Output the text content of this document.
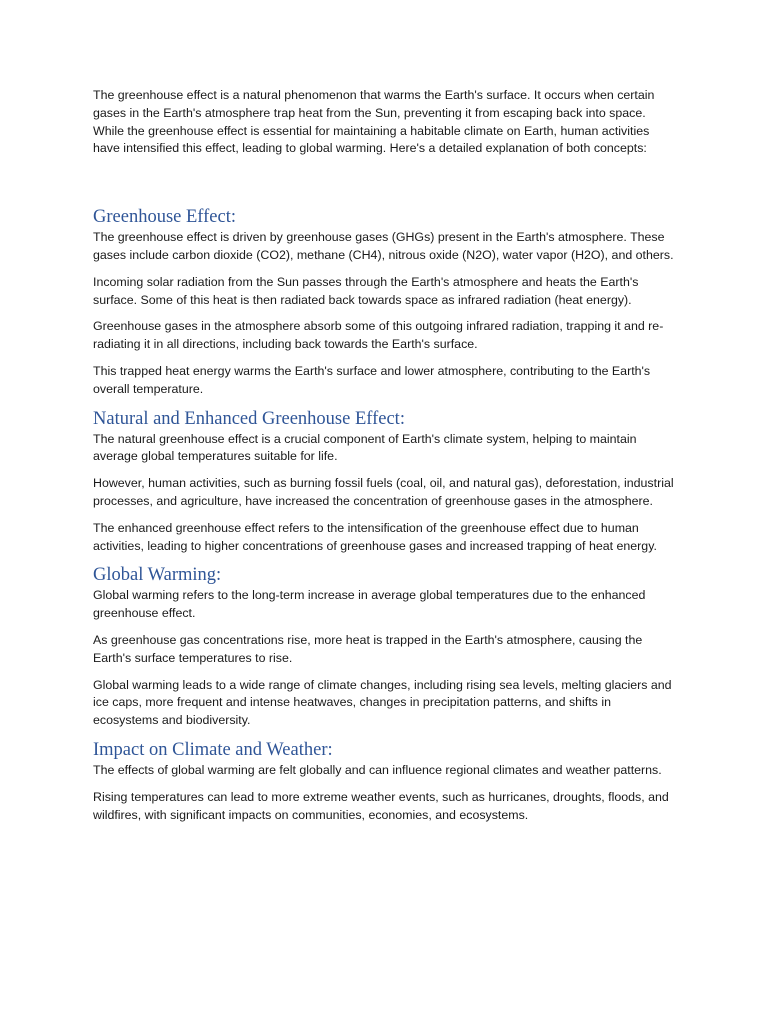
The greenhouse effect is a natural phenomenon that warms the Earth's surface. It occurs when certain gases in the Earth's atmosphere trap heat from the Sun, preventing it from escaping back into space. While the greenhouse effect is essential for maintaining a habitable climate on Earth, human activities have intensified this effect, leading to global warming. Here's a detailed explanation of both concepts:

Greenhouse Effect:

The greenhouse effect is driven by greenhouse gases (GHGs) present in the Earth's atmosphere. These gases include carbon dioxide (CO2), methane (CH4), nitrous oxide (N2O), water vapor (H2O), and others.

Incoming solar radiation from the Sun passes through the Earth's atmosphere and heats the Earth's surface. Some of this heat is then radiated back towards space as infrared radiation (heat energy).

Greenhouse gases in the atmosphere absorb some of this outgoing infrared radiation, trapping it and re-radiating it in all directions, including back towards the Earth's surface.

This trapped heat energy warms the Earth's surface and lower atmosphere, contributing to the Earth's overall temperature.

Natural and Enhanced Greenhouse Effect:

The natural greenhouse effect is a crucial component of Earth's climate system, helping to maintain average global temperatures suitable for life.

However, human activities, such as burning fossil fuels (coal, oil, and natural gas), deforestation, industrial processes, and agriculture, have increased the concentration of greenhouse gases in the atmosphere.

The enhanced greenhouse effect refers to the intensification of the greenhouse effect due to human activities, leading to higher concentrations of greenhouse gases and increased trapping of heat energy.

Global Warming:

Global warming refers to the long-term increase in average global temperatures due to the enhanced greenhouse effect.

As greenhouse gas concentrations rise, more heat is trapped in the Earth's atmosphere, causing the Earth's surface temperatures to rise.

Global warming leads to a wide range of climate changes, including rising sea levels, melting glaciers and ice caps, more frequent and intense heatwaves, changes in precipitation patterns, and shifts in ecosystems and biodiversity.

Impact on Climate and Weather:

The effects of global warming are felt globally and can influence regional climates and weather patterns.

Rising temperatures can lead to more extreme weather events, such as hurricanes, droughts, floods, and wildfires, with significant impacts on communities, economies, and ecosystems.
